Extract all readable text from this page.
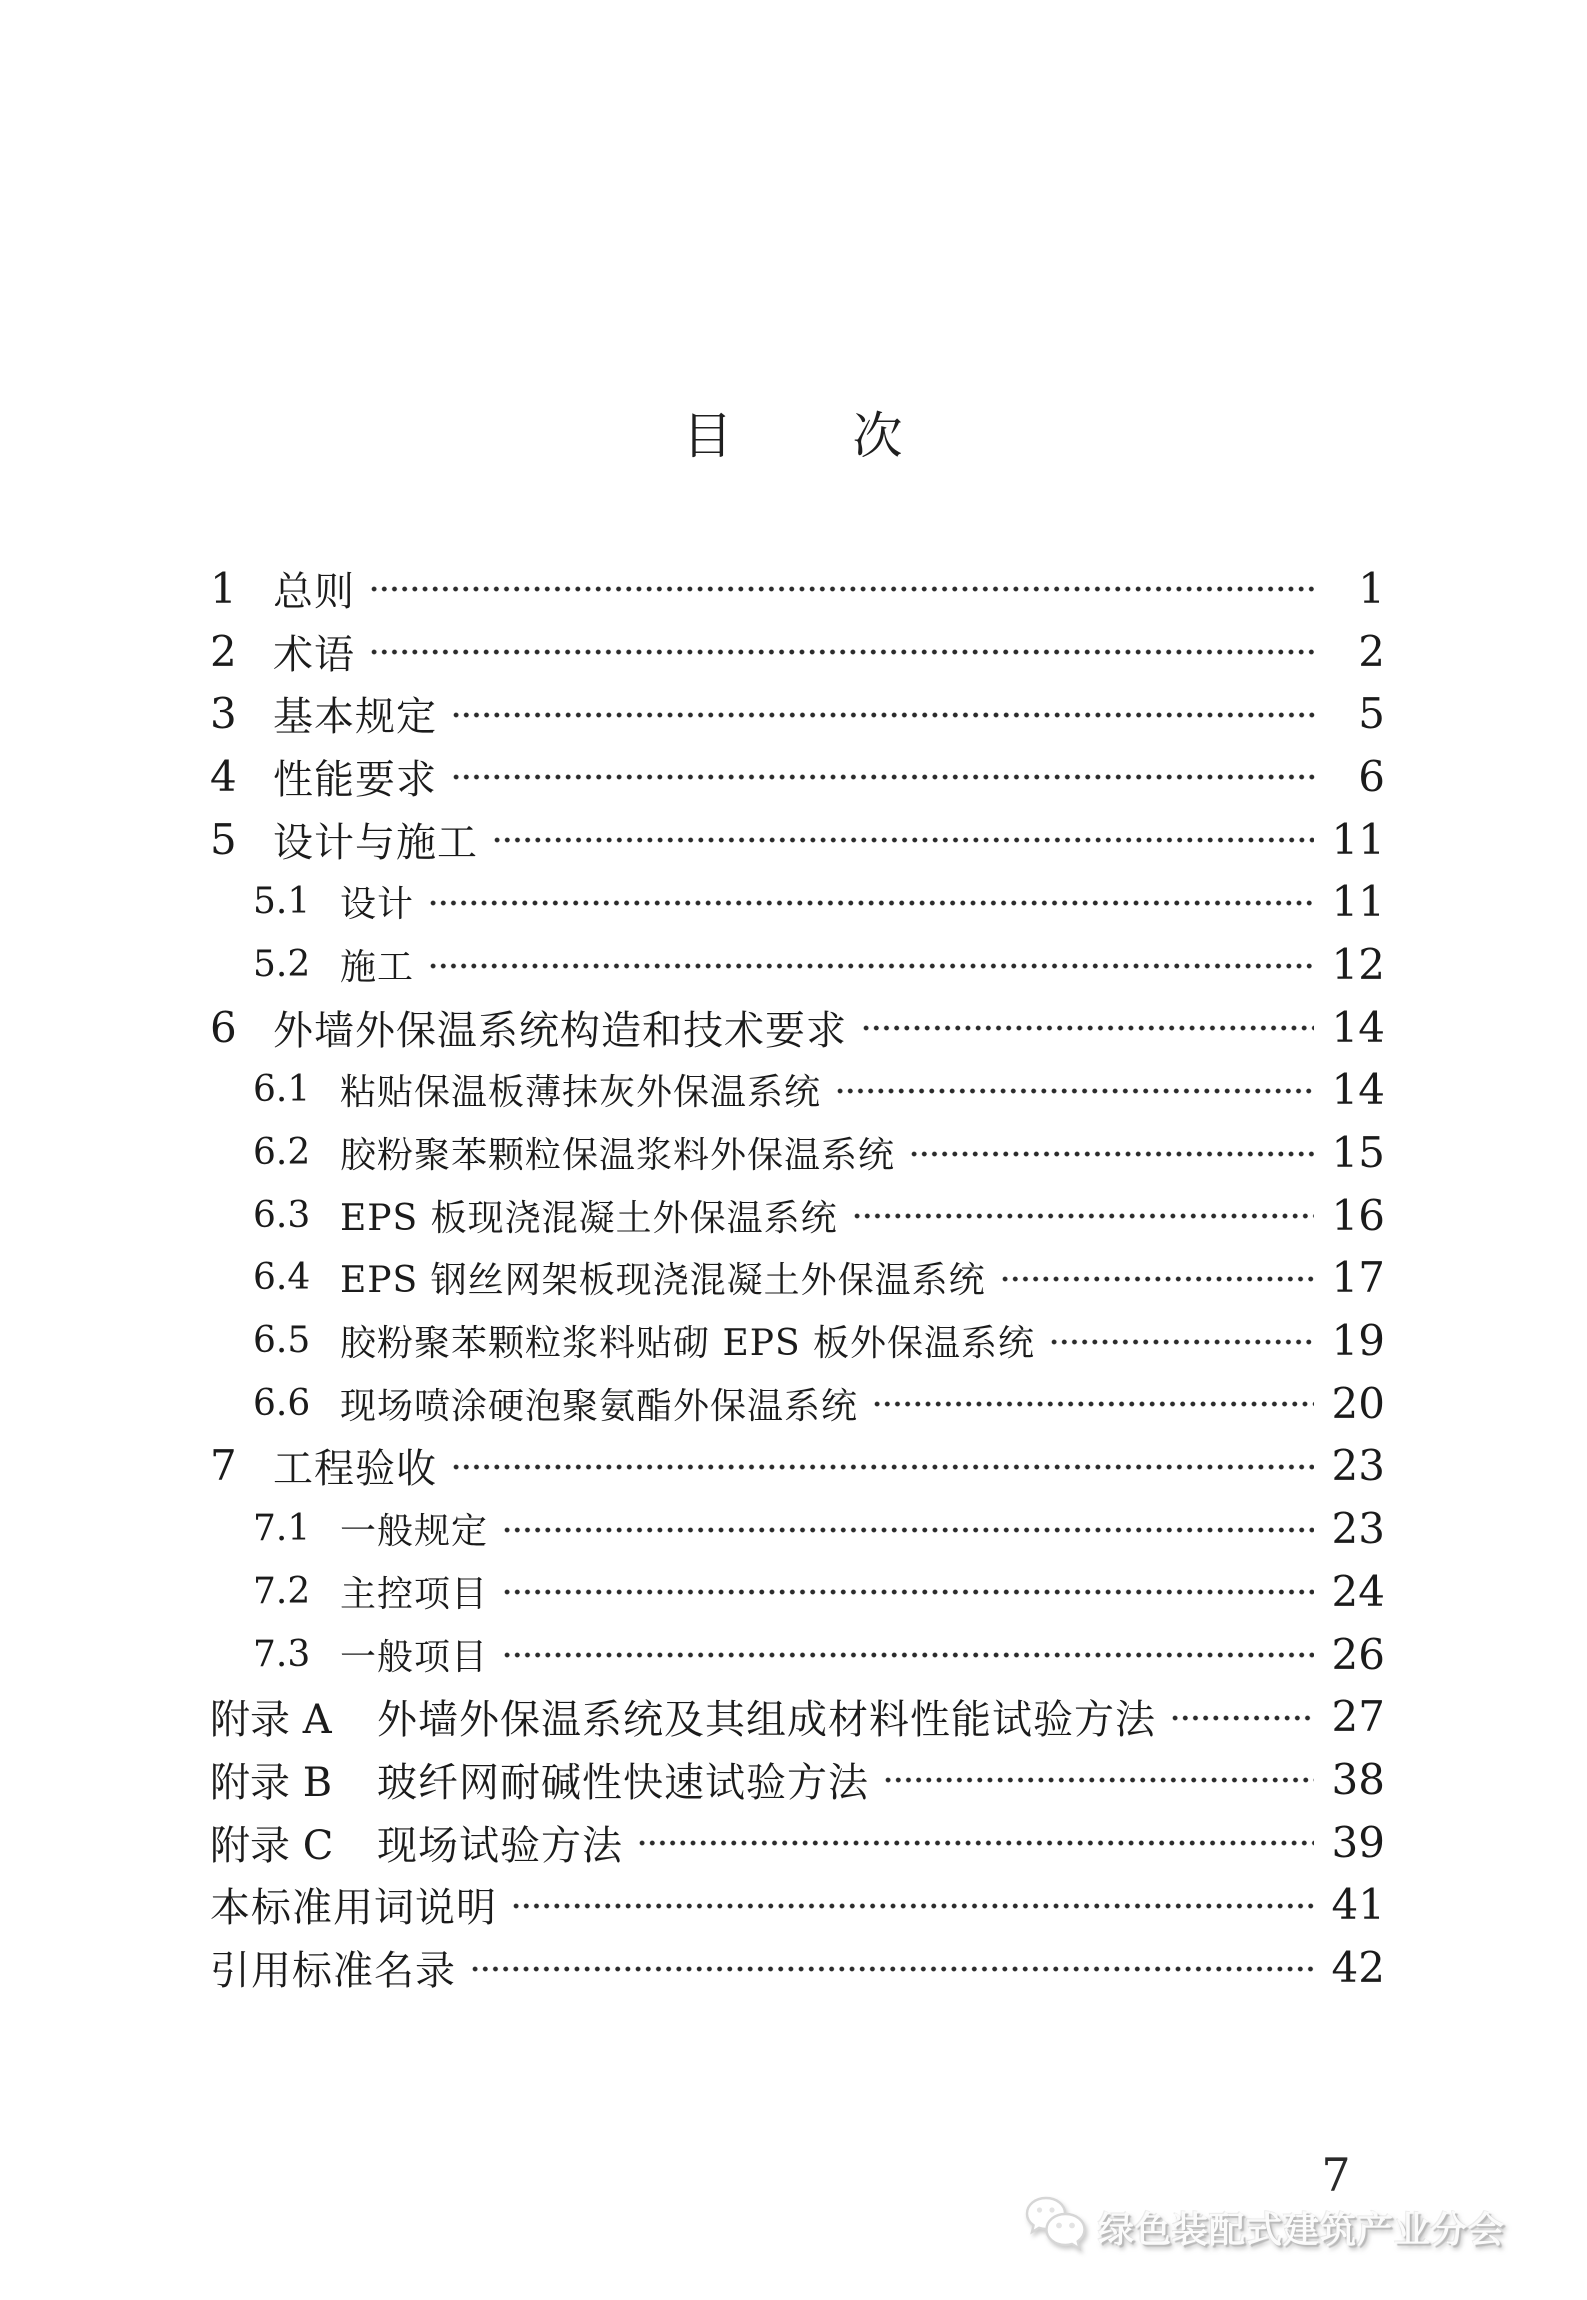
目 次
1 总则	1
2 术语	2
3 基本规定	5
4 性能要求	6
5 设计与施工	11
5.1 设计	11
5.2 施工	12
6 外墙外保温系统构造和技术要求	14
6.1 粘贴保温板薄抹灰外保温系统	14
6.2 胶粉聚苯颗粒保温浆料外保温系统	15
6.3 EPS 板现浇混凝土外保温系统	16
6.4 EPS 钢丝网架板现浇混凝土外保温系统	17
6.5 胶粉聚苯颗粒浆料贴砌 EPS 板外保温系统	19
6.6 现场喷涂硬泡聚氨酯外保温系统	20
7 工程验收	23
7.1 一般规定	23
7.2 主控项目	24
7.3 一般项目	26
附录 A	外墙外保温系统及其组成材料性能试验方法	27
附录 B	玻纤网耐碱性快速试验方法	38
附录 C	现场试验方法	39
本标准用词说明	41
引用标准名录	42
7
绿色装配式建筑产业分会
